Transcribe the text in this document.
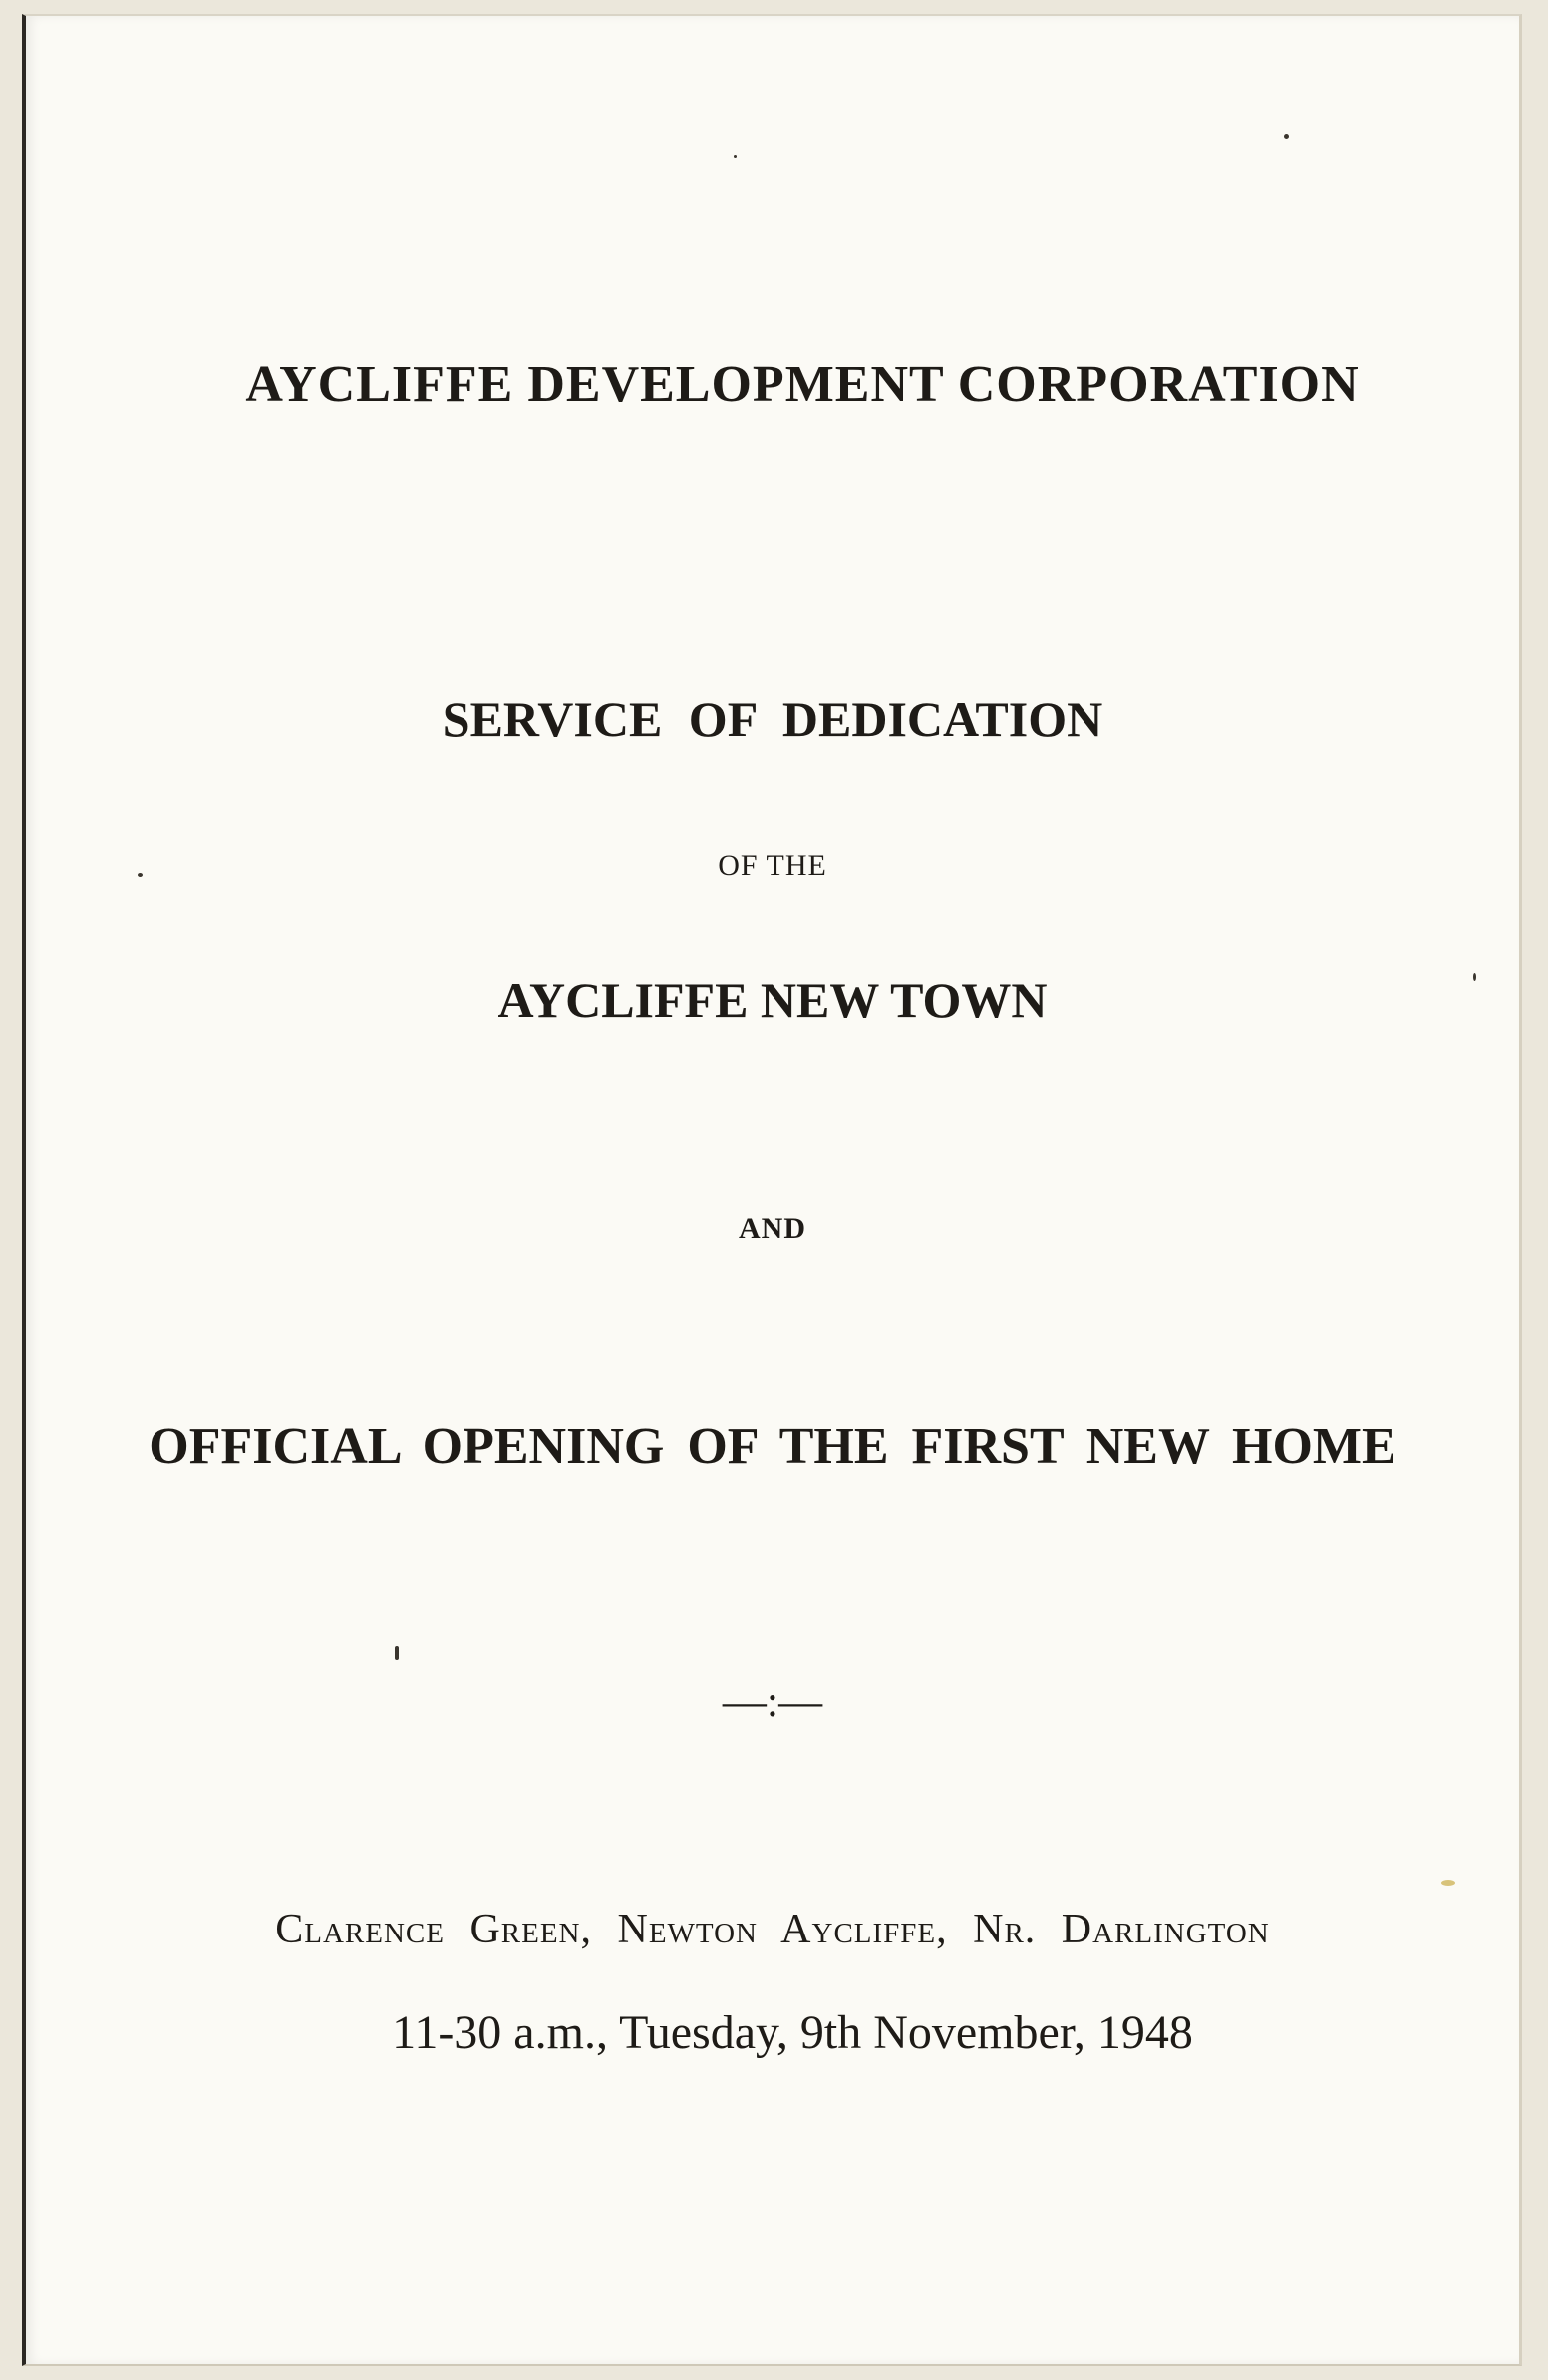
AYCLIFFE DEVELOPMENT CORPORATION

SERVICE OF DEDICATION

OF THE

AYCLIFFE NEW TOWN

AND

OFFICIAL OPENING OF THE FIRST NEW HOME

—:—

Clarence Green, Newton Aycliffe, Nr. Darlington

11-30 a.m., Tuesday, 9th November, 1948
